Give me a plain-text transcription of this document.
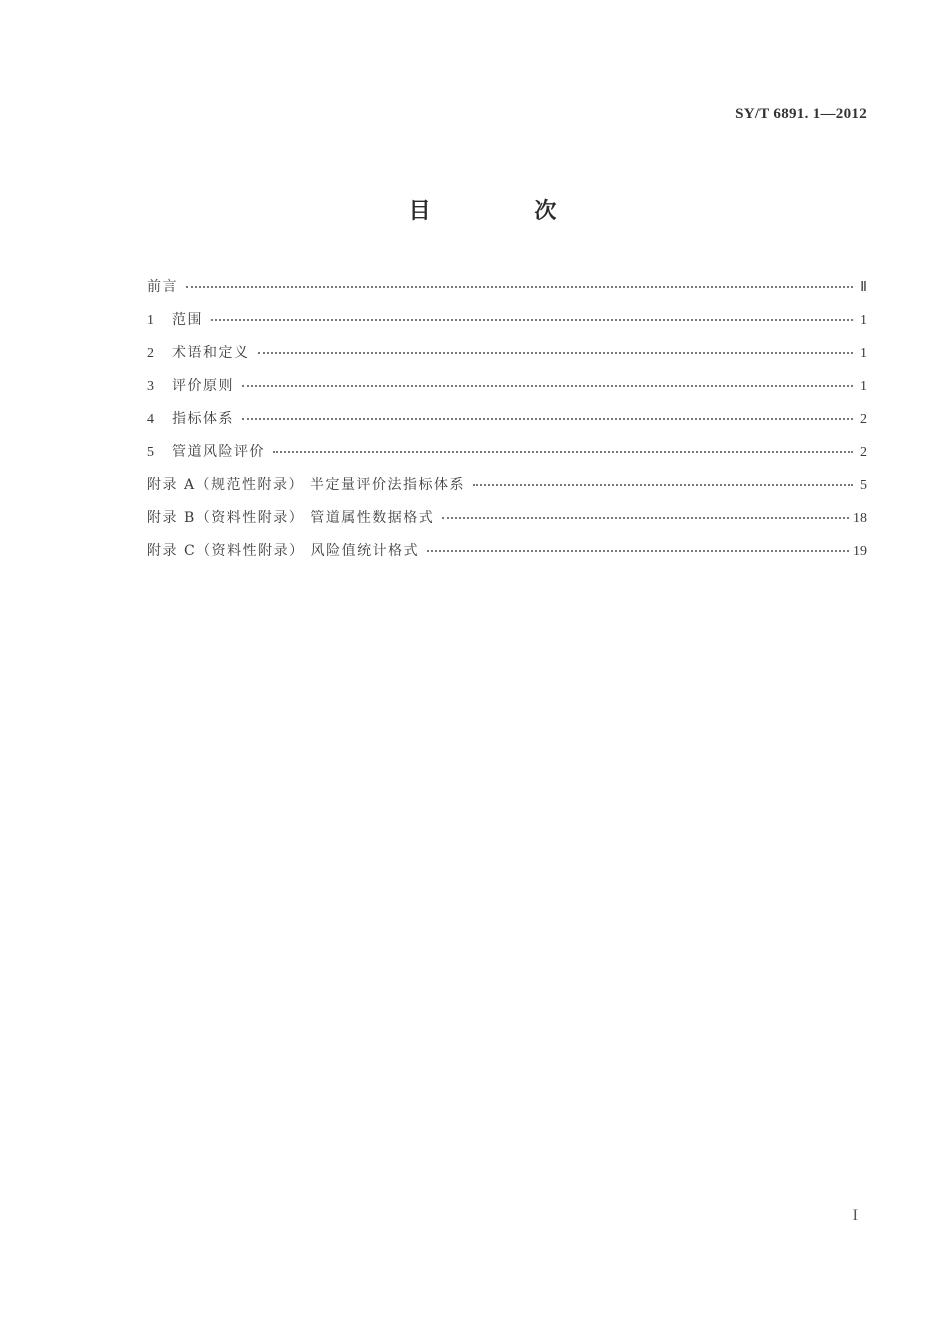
SY/T 6891. 1—2012
目 次
前言	Ⅱ
1	范围	1
2	术语和定义	1
3	评价原则	1
4	指标体系	2
5	管道风险评价	2
附录 A（规范性附录） 半定量评价法指标体系	5
附录 B（资料性附录） 管道属性数据格式	18
附录 C（资料性附录） 风险值统计格式	19
I
